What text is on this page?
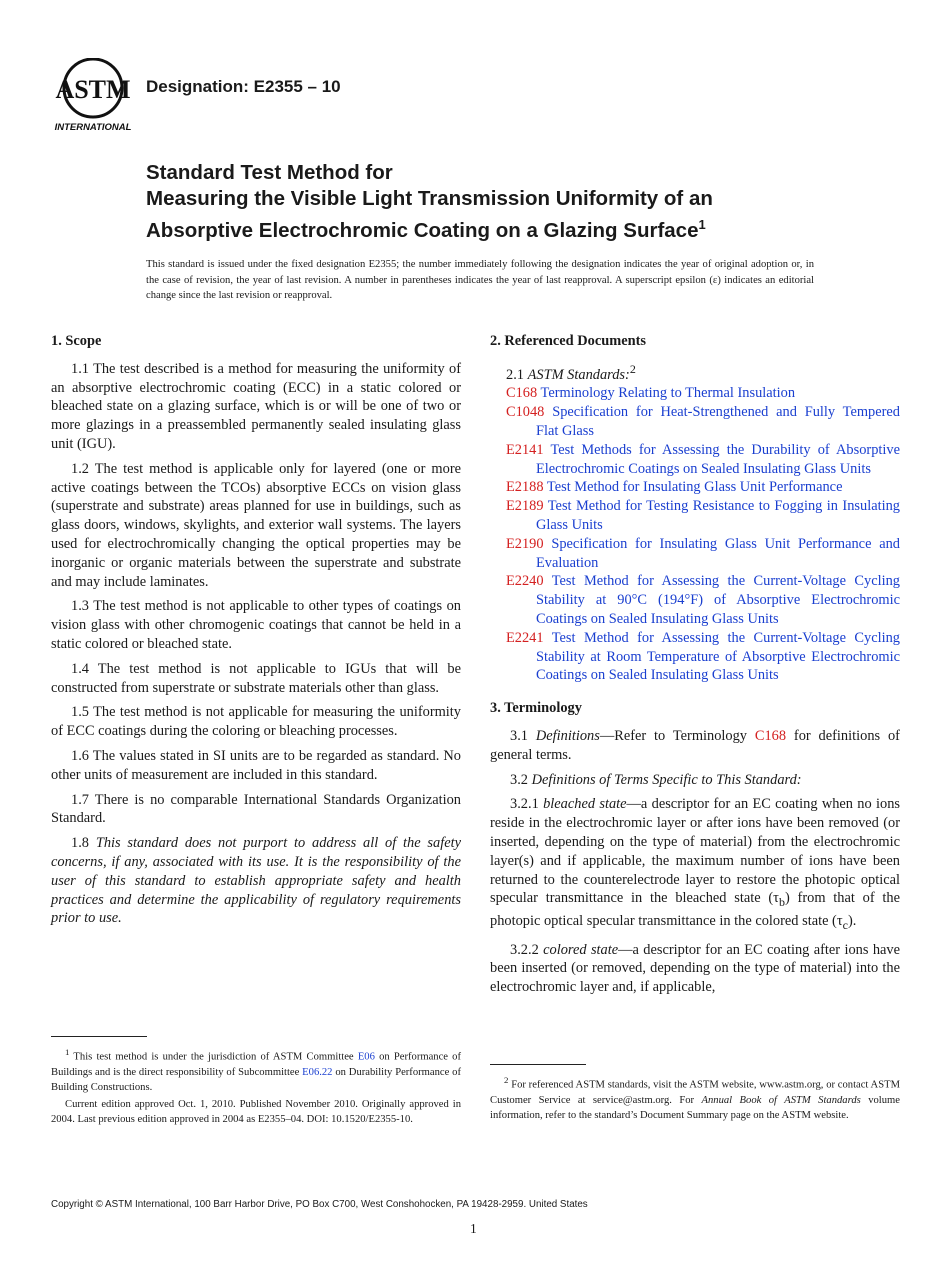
ASTM
INTERNATIONAL
Designation: E2355 – 10
Standard Test Method for
Measuring the Visible Light Transmission Uniformity of an
Absorptive Electrochromic Coating on a Glazing Surface$^1$
This standard is issued under the fixed designation E2355; the number immediately following the designation indicates the year of original adoption or, in the case of revision, the year of last revision. A number in parentheses indicates the year of last reapproval. A superscript epsilon (ε) indicates an editorial change since the last revision or reapproval.
1. Scope

1.1 The test described is a method for measuring the uniformity of an absorptive electrochromic coating (ECC) in a static colored or bleached state on a glazing surface, which is or will be one of two or more glazings in a preassembled permanently sealed insulating glass unit (IGU).

1.2 The test method is applicable only for layered (one or more active coatings between the TCOs) absorptive ECCs on vision glass (superstrate and substrate) areas planned for use in buildings, such as glass doors, windows, skylights, and exterior wall systems. The layers used for electrochromically changing the optical properties may be inorganic or organic materials between the superstrate and substrate and may include laminates.

1.3 The test method is not applicable to other types of coatings on vision glass with other chromogenic coatings that cannot be held in a static colored or bleached state.

1.4 The test method is not applicable to IGUs that will be constructed from superstrate or substrate materials other than glass.

1.5 The test method is not applicable for measuring the uniformity of ECC coatings during the coloring or bleaching processes.

1.6 The values stated in SI units are to be regarded as standard. No other units of measurement are included in this standard.

1.7 There is no comparable International Standards Organization Standard.

1.8 This standard does not purport to address all of the safety concerns, if any, associated with its use. It is the responsibility of the user of this standard to establish appropriate safety and health practices and determine the applicability of regulatory requirements prior to use.

2. Referenced Documents
2.1 ASTM Standards:$^2$
C168 Terminology Relating to Thermal Insulation
C1048 Specification for Heat-Strengthened and Fully Tempered Flat Glass
E2141 Test Methods for Assessing the Durability of Absorptive Electrochromic Coatings on Sealed Insulating Glass Units
E2188 Test Method for Insulating Glass Unit Performance
E2189 Test Method for Testing Resistance to Fogging in Insulating Glass Units
E2190 Specification for Insulating Glass Unit Performance and Evaluation
E2240 Test Method for Assessing the Current-Voltage Cycling Stability at 90°C (194°F) of Absorptive Electrochromic Coatings on Sealed Insulating Glass Units
E2241 Test Method for Assessing the Current-Voltage Cycling Stability at Room Temperature of Absorptive Electrochromic Coatings on Sealed Insulating Glass Units
3. Terminology

3.1 Definitions—Refer to Terminology C168 for definitions of general terms.

3.2 Definitions of Terms Specific to This Standard:

3.2.1 bleached state—a descriptor for an EC coating when no ions reside in the electrochromic layer or after ions have been removed (or inserted, depending on the type of material) from the electrochromic layer(s) and if applicable, the maximum number of ions have been returned to the counterelectrode layer to restore the photopic optical specular transmittance in the bleached state $(\tau_b)$ from that of the photopic optical specular transmittance in the colored state $(\tau_c)$.

3.2.2 colored state—a descriptor for an EC coating after ions have been inserted (or removed, depending on the type of material) into the electrochromic layer and, if applicable,

$^1$ This test method is under the jurisdiction of ASTM Committee E06 on Performance of Buildings and is the direct responsibility of Subcommittee E06.22 on Durability Performance of Building Constructions.

Current edition approved Oct. 1, 2010. Published November 2010. Originally approved in 2004. Last previous edition approved in 2004 as E2355–04. DOI: 10.1520/E2355-10.

$^2$ For referenced ASTM standards, visit the ASTM website, www.astm.org, or contact ASTM Customer Service at service@astm.org. For Annual Book of ASTM Standards volume information, refer to the standard’s Document Summary page on the ASTM website.

Copyright © ASTM International, 100 Barr Harbor Drive, PO Box C700, West Conshohocken, PA 19428-2959. United States
1
